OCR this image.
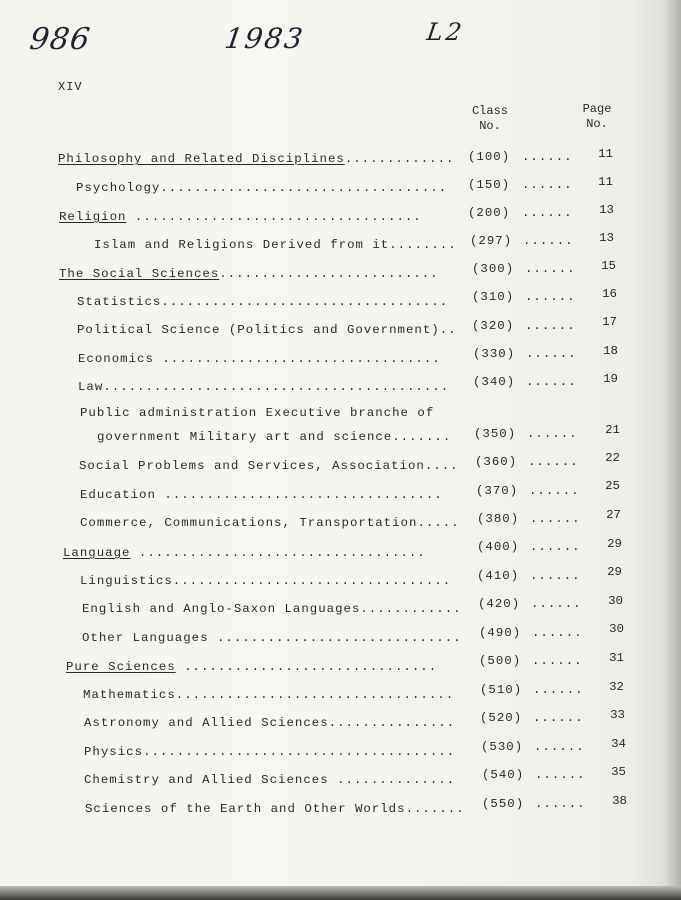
986	1983	L2
XIV
Class
No.
Page
No.
Philosophy and Related Disciplines.............	(100) ......	11
Psychology..................................	(150) ......	11
Religion ..................................	(200) ......	13
Islam and Religions Derived from it........	(297) ......	13
The Social Sciences..........................	(300) ......	15
Statistics..................................	(310) ......	16
Political Science (Politics and Government)..	(320) ......	17
Economics .................................	(330) ......	18
Law.........................................	(340) ......	19
Public administration Executive branche of
government Military art and science.......	(350) ......	21
Social Problems and Services, Association....	(360) ......	22
Education .................................	(370) ......	25
Commerce, Communications, Transportation.....	(380) ......	27
Language ..................................	(400) ......	29
Linguistics.................................	(410) ......	29
English and Anglo-Saxon Languages............	(420) ......	30
Other Languages .............................	(490) ......	30
Pure Sciences ..............................	(500) ......	31
Mathematics.................................	(510) ......	32
Astronomy and Allied Sciences...............	(520) ......	33
Physics.....................................	(530) ......	34
Chemistry and Allied Sciences ..............	(540) ......	35
Sciences of the Earth and Other Worlds.......	(550) ......	38
